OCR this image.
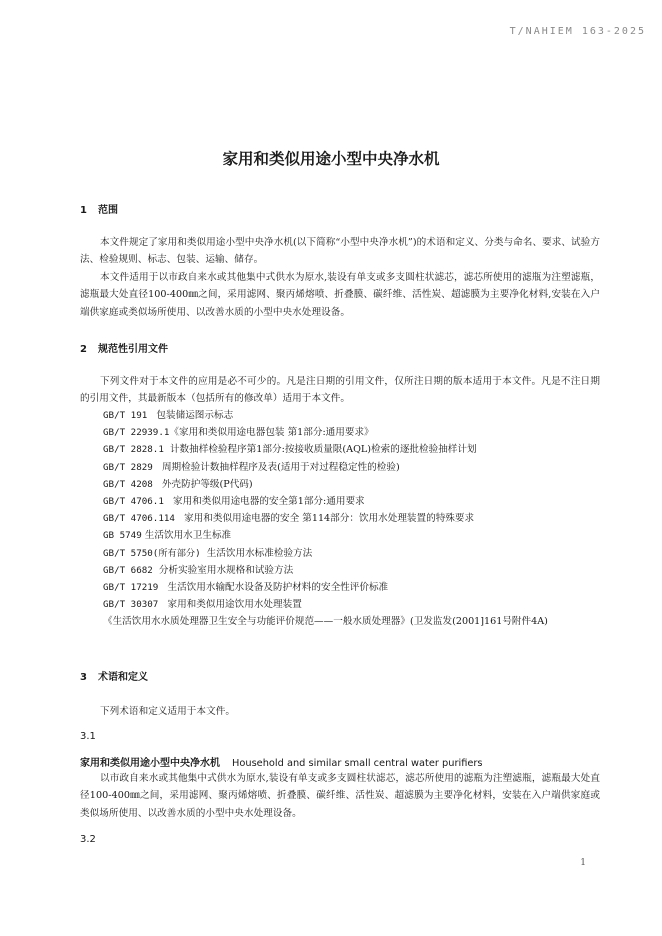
T/NAHIEM 163-2025
家用和类似用途小型中央净水机
1 范围

本文件规定了家用和类似用途小型中央净水机(以下简称“小型中央净水机”)的术语和定义、分类与命名、要求、试验方法、检验规则、标志、包装、运输、储存。

本文件适用于以市政自来水或其他集中式供水为原水,装设有单支或多支圆柱状滤芯，滤芯所使用的滤瓶为注塑滤瓶，滤瓶最大处直径100-400㎜之间，采用滤网、聚丙烯熔喷、折叠膜、碳纤维、活性炭、超滤膜为主要净化材料,安装在入户端供家庭或类似场所使用、以改善水质的小型中央水处理设备。

2 规范性引用文件

下列文件对于本文件的应用是必不可少的。凡是注日期的引用文件，仅所注日期的版本适用于本文件。凡是不注日期的引用文件，其最新版本（包括所有的修改单）适用于本文件。

GB/T 191 包装储运图示标志
GB/T 22939.1《家用和类似用途电器包装 第1部分:通用要求》
GB/T 2828.1 计数抽样检验程序第1部分:按接收质量限(AQL)检索的逐批检验抽样计划
GB/T 2829 周期检验计数抽样程序及表(适用于对过程稳定性的检验)
GB/T 4208 外壳防护等级(P代码)
GB/T 4706.1 家用和类似用途电器的安全第1部分:通用要求
GB/T 4706.114 家用和类似用途电器的安全 第114部分：饮用水处理装置的特殊要求
GB 5749 生活饮用水卫生标准
GB/T 5750(所有部分) 生活饮用水标准检验方法
GB/T 6682 分析实验室用水规格和试验方法
GB/T 17219 生活饮用水输配水设备及防护材料的安全性评价标准
GB/T 30307 家用和类似用途饮用水处理装置
《生活饮用水水质处理器卫生安全与功能评价规范——一般水质处理器》(卫发监发(2001]161号附件4A)
3 术语和定义

下列术语和定义适用于本文件。

3.1
家用和类似用途小型中央净水机 Household and similar small central water purifiers

以市政自来水或其他集中式供水为原水,装设有单支或多支圆柱状滤芯，滤芯所使用的滤瓶为注塑滤瓶，滤瓶最大处直径100-400㎜之间，采用滤网、聚丙烯熔喷、折叠膜、碳纤维、活性炭、超滤膜为主要净化材料，安装在入户端供家庭或类似场所使用、以改善水质的小型中央水处理设备。

3.2
1
